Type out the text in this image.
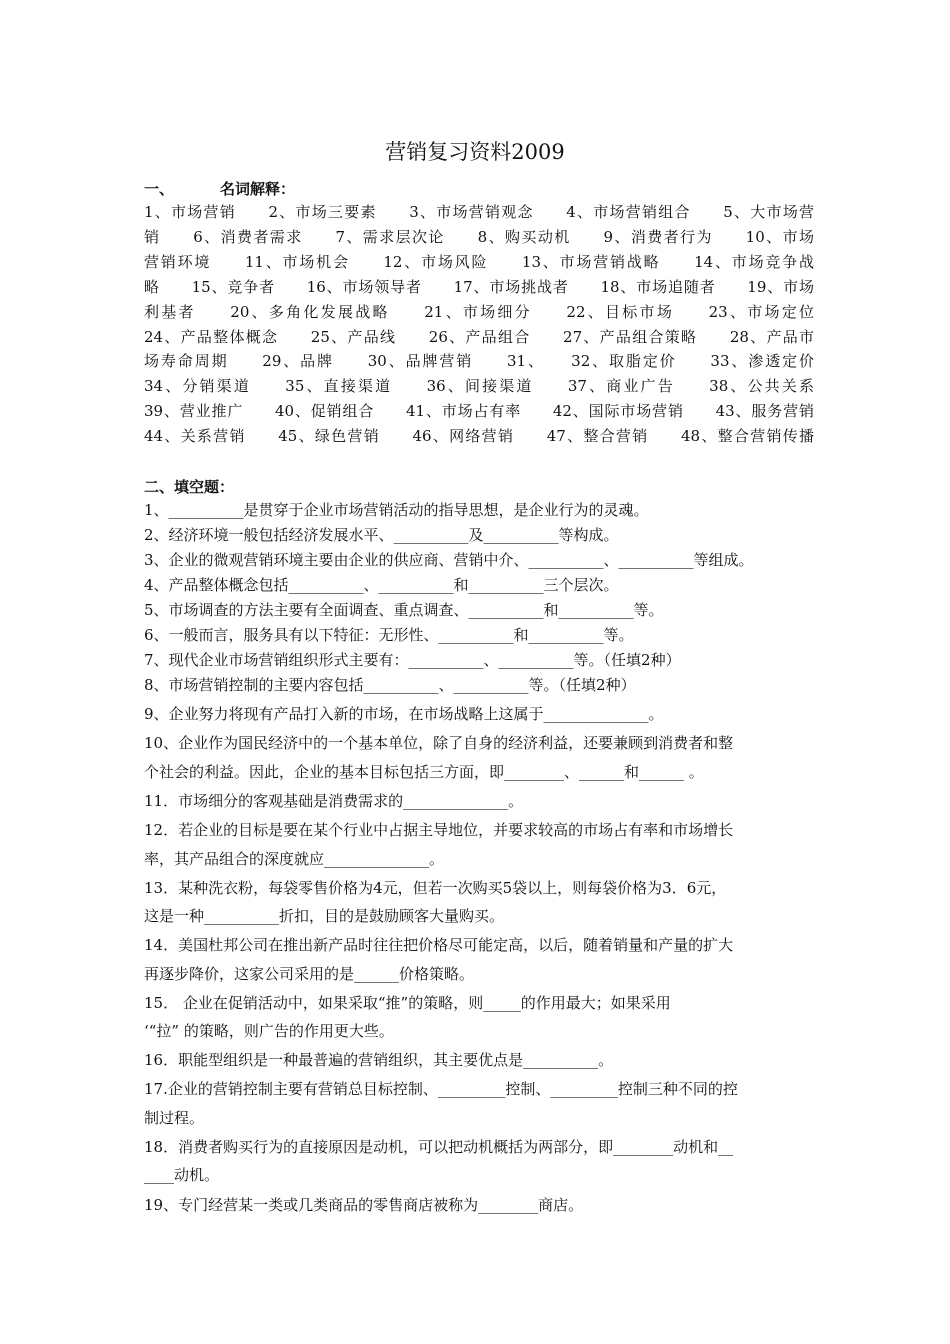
营销复习资料2009
一、	名词解释：
1、市场营销　　2、市场三要素　　3、市场营销观念　　4、市场营销组合　　5、大市场营
销　　6、消费者需求　　7、需求层次论　　8、购买动机　　9、消费者行为　　10、市场
营销环境　　11、市场机会　　12、市场风险　　13、市场营销战略　　14、市场竞争战
略　　15、竞争者　　16、市场领导者　　17、市场挑战者　　18、市场追随者　　19、市场
利基者　　20、多角化发展战略　　21、市场细分　　22、目标市场　　23、市场定位
24、产品整体概念　　25、产品线　　26、产品组合　　27、产品组合策略　　28、产品市
场寿命周期　　29、品牌　　30、品牌营销　　31、　　32、取脂定价　　33、渗透定价
34、分销渠道　　35、直接渠道　　36、间接渠道　　37、商业广告　　38、公共关系
39、营业推广　　40、促销组合　　41、市场占有率　　42、国际市场营销　　43、服务营销
44、关系营销　　45、绿色营销　　46、网络营销　　47、整合营销　　48、整合营销传播
二、填空题：
1、__________是贯穿于企业市场营销活动的指导思想，是企业行为的灵魂。
2、经济环境一般包括经济发展水平、__________及__________等构成。
3、企业的微观营销环境主要由企业的供应商、营销中介、__________、__________等组成。
4、产品整体概念包括__________、__________和__________三个层次。
5、市场调查的方法主要有全面调查、重点调查、__________和__________等。
6、一般而言，服务具有以下特征：无形性、__________和__________等。
7、现代企业市场营销组织形式主要有：__________、__________等。（任填2种）
8、市场营销控制的主要内容包括__________、__________等。（任填2种）
9、企业努力将现有产品打入新的市场，在市场战略上这属于______________。
10、企业作为国民经济中的一个基本单位，除了自身的经济利益，还要兼顾到消费者和整
个社会的利益。因此，企业的基本目标包括三方面，即________、______和______ 。
11．市场细分的客观基础是消费需求的______________。
12．若企业的目标是要在某个行业中占据主导地位，并要求较高的市场占有率和市场增长
率，其产品组合的深度就应______________。
13．某种洗衣粉，每袋零售价格为4元，但若一次购买5袋以上，则每袋价格为3．6元，
这是一种__________折扣，目的是鼓励顾客大量购买。
14．美国杜邦公司在推出新产品时往往把价格尽可能定高，以后，随着销量和产量的扩大
再逐步降价，这家公司采用的是______价格策略。
15． 企业在促销活动中，如果采取“推”的策略，则_____的作用最大；如果采用
‘“拉” 的策略，则广告的作用更大些。
16．职能型组织是一种最普遍的营销组织，其主要优点是__________。
17.企业的营销控制主要有营销总目标控制、_________控制、_________控制三种不同的控
制过程。
18．消费者购买行为的直接原因是动机，可以把动机概括为两部分，即________动机和__
____动机。
19、专门经营某一类或几类商品的零售商店被称为________商店。
